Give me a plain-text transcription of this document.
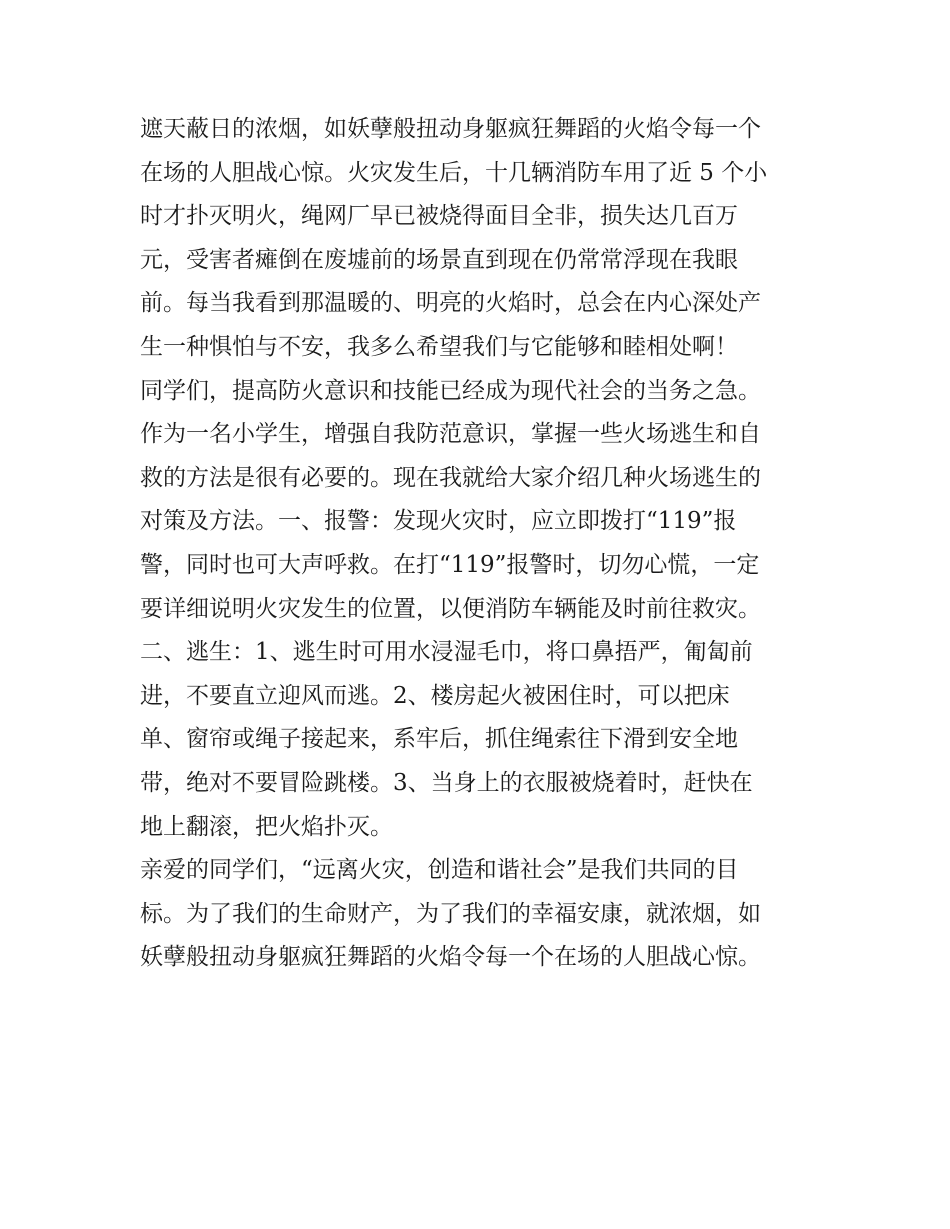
遮天蔽日的浓烟，如妖孽般扭动身躯疯狂舞蹈的火焰令每一个
在场的人胆战心惊。火灾发生后，十几辆消防车用了近 5 个小
时才扑灭明火，绳网厂早已被烧得面目全非，损失达几百万
元，受害者瘫倒在废墟前的场景直到现在仍常常浮现在我眼
前。每当我看到那温暖的、明亮的火焰时，总会在内心深处产
生一种惧怕与不安，我多么希望我们与它能够和睦相处啊！
同学们，提高防火意识和技能已经成为现代社会的当务之急。
作为一名小学生，增强自我防范意识，掌握一些火场逃生和自
救的方法是很有必要的。现在我就给大家介绍几种火场逃生的
对策及方法。一、报警：发现火灾时，应立即拨打“119”报
警，同时也可大声呼救。在打“119”报警时，切勿心慌，一定
要详细说明火灾发生的位置，以便消防车辆能及时前往救灾。
二、逃生：1、逃生时可用水浸湿毛巾，将口鼻捂严，匍匐前
进，不要直立迎风而逃。2、楼房起火被困住时，可以把床
单、窗帘或绳子接起来，系牢后，抓住绳索往下滑到安全地
带，绝对不要冒险跳楼。3、当身上的衣服被烧着时，赶快在
地上翻滚，把火焰扑灭。
亲爱的同学们，“远离火灾，创造和谐社会”是我们共同的目
标。为了我们的生命财产，为了我们的幸福安康，就浓烟，如
妖孽般扭动身躯疯狂舞蹈的火焰令每一个在场的人胆战心惊。
